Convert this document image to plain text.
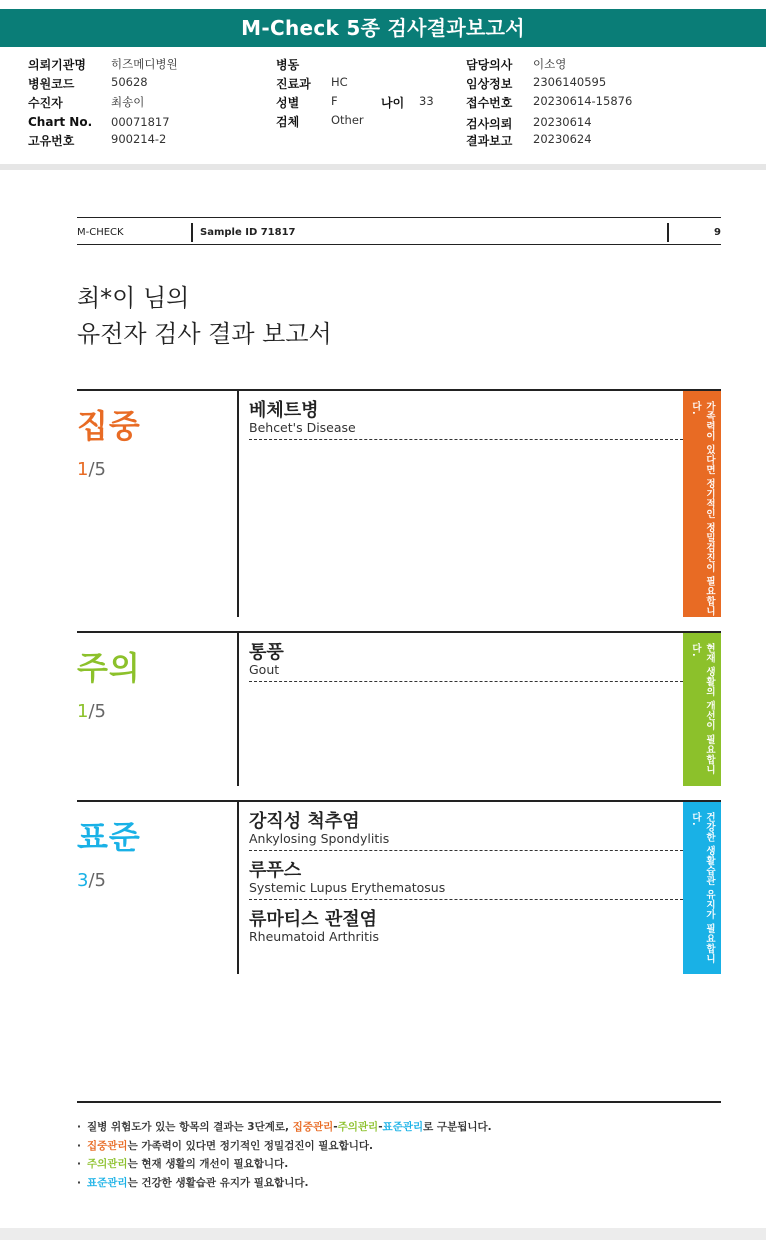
M-Check 5종 검사결과보고서
의뢰기관명 히즈메디병원
병원코드	50628
수진자	최송이
Chart No. 00071817
고유번호	900214-2
병동
진료과 HC
성별	F	나이 33
검체	Other
담당의사 이소영
임상정보 2306140595
접수번호 20230614-15876
검사의뢰 20230614
결과보고 20230624
M-CHECK	Sample ID 71817	9
최*이 님의
유전자 검사 결과 보고서
집중
1/5
베체트병
Behcet's Disease	가족력이 있다면 정기적인 정밀검진이 필요합니다.
주의
1/5
통풍
Gout	현재 생활의 개선이 필요합니다.
표준
3/5
강직성 척추염
Ankylosing Spondylitis
루푸스
Systemic Lupus Erythematosus
류마티스 관절염
Rheumatoid Arthritis	건강한 생활습관 유지가 필요합니다.
· 질병 위험도가 있는 항목의 결과는 3단계로, 집중관리-주의관리-표준관리로 구분됩니다.
· 집중관리는 가족력이 있다면 정기적인 정밀검진이 필요합니다.
· 주의관리는 현재 생활의 개선이 필요합니다.
· 표준관리는 건강한 생활습관 유지가 필요합니다.
